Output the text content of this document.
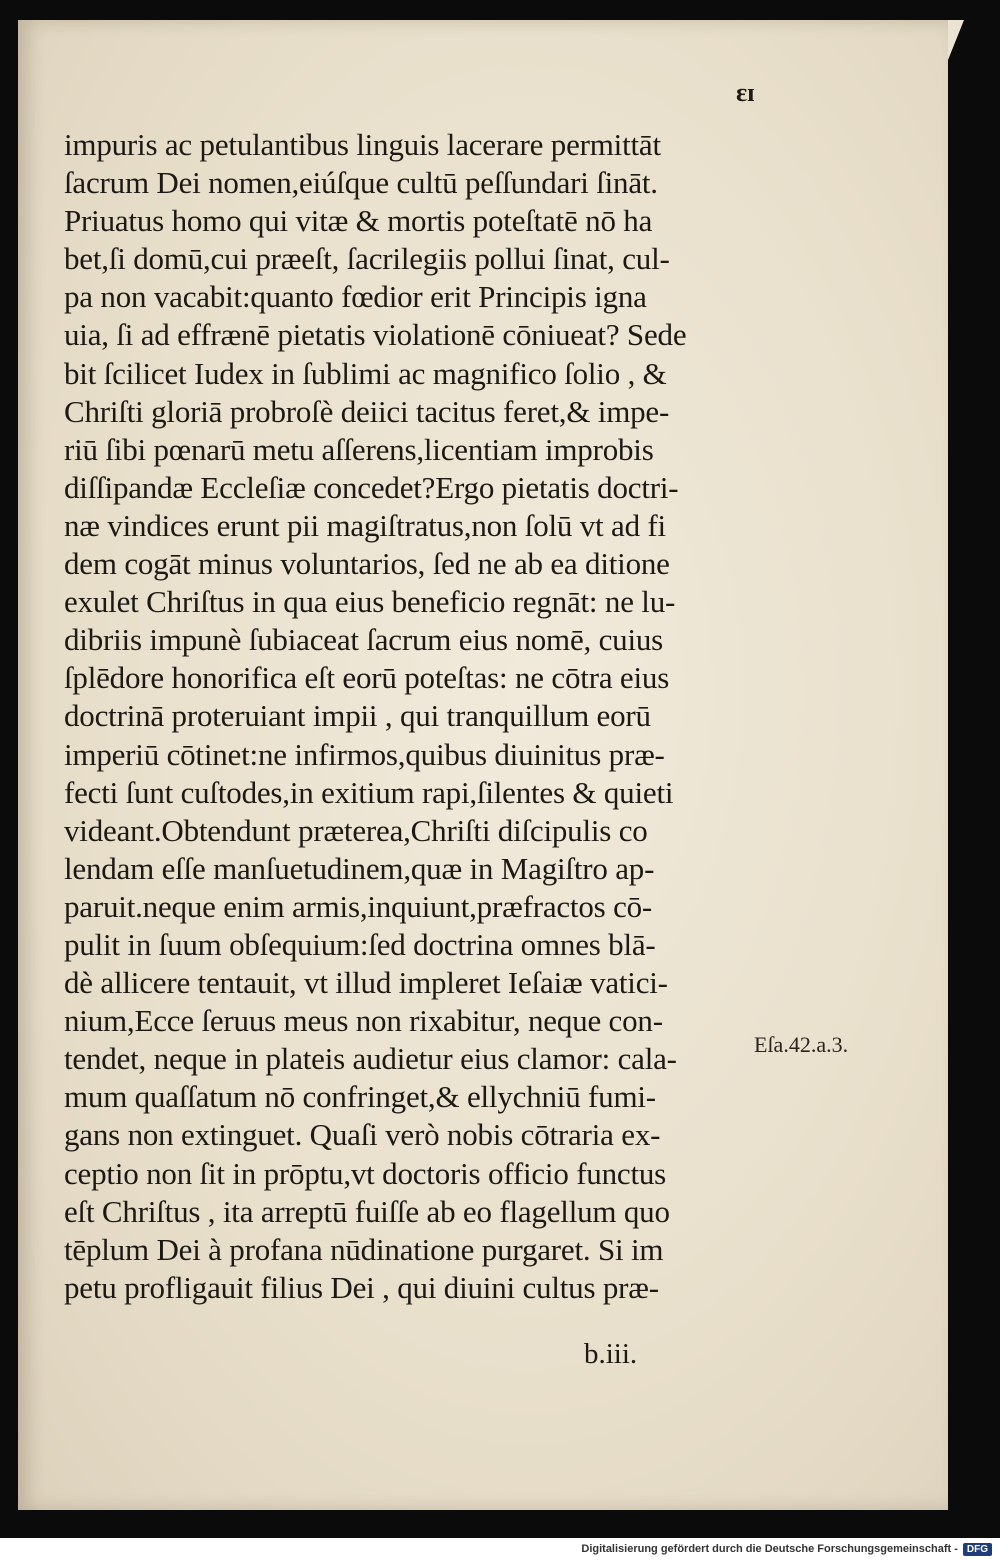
ɛɪ
impuris ac petulantibus linguis lacerare permittāt
ſacrum Dei nomen,eiúſque cultū peſſundari ſināt.
Priuatus homo qui vitæ & mortis poteſtatē nō ha
bet,ſi domū,cui præeſt, ſacrilegiis pollui ſinat, cul-
pa non vacabit:quanto fœdior erit Principis igna
uia, ſi ad effrænē pietatis violationē cōniueat? Sede
bit ſcilicet Iudex in ſublimi ac magnifico ſolio , &
Chriſti gloriā probroſè deiici tacitus feret,& impe-
riū ſibi pœnarū metu aſſerens,licentiam improbis
diſſipandæ Eccleſiæ concedet?Ergo pietatis doctri-
næ vindices erunt pii magiſtratus,non ſolū vt ad fi
dem cogāt minus voluntarios, ſed ne ab ea ditione
exulet Chriſtus in qua eius beneficio regnāt: ne lu-
dibriis impunè ſubiaceat ſacrum eius nomē, cuius
ſplēdore honorifica eſt eorū poteſtas: ne cōtra eius
doctrinā proteruiant impii , qui tranquillum eorū
imperiū cōtinet:ne infirmos,quibus diuinitus præ-
fecti ſunt cuſtodes,in exitium rapi,ſilentes & quieti
videant.Obtendunt præterea,Chriſti diſcipulis co
lendam eſſe manſuetudinem,quæ in Magiſtro ap-
paruit.neque enim armis,inquiunt,præfractos cō-
pulit in ſuum obſequium:ſed doctrina omnes blā-
dè allicere tentauit, vt illud impleret Ieſaiæ vatici-
nium,Ecce ſeruus meus non rixabitur, neque con-
tendet, neque in plateis audietur eius clamor: cala-
mum quaſſatum nō confringet,& ellychniū fumi-
gans non extinguet. Quaſi verò nobis cōtraria ex-
ceptio non ſit in prōptu,vt doctoris officio functus
eſt Chriſtus , ita arreptū fuiſſe ab eo flagellum quo
tēplum Dei à profana nūdinatione purgaret. Si im
petu profligauit filius Dei , qui diuini cultus præ-
Eſa.42.a.3.
b.iii.
Digitalisierung gefördert durch die Deutsche Forschungsgemeinschaft - DFG
